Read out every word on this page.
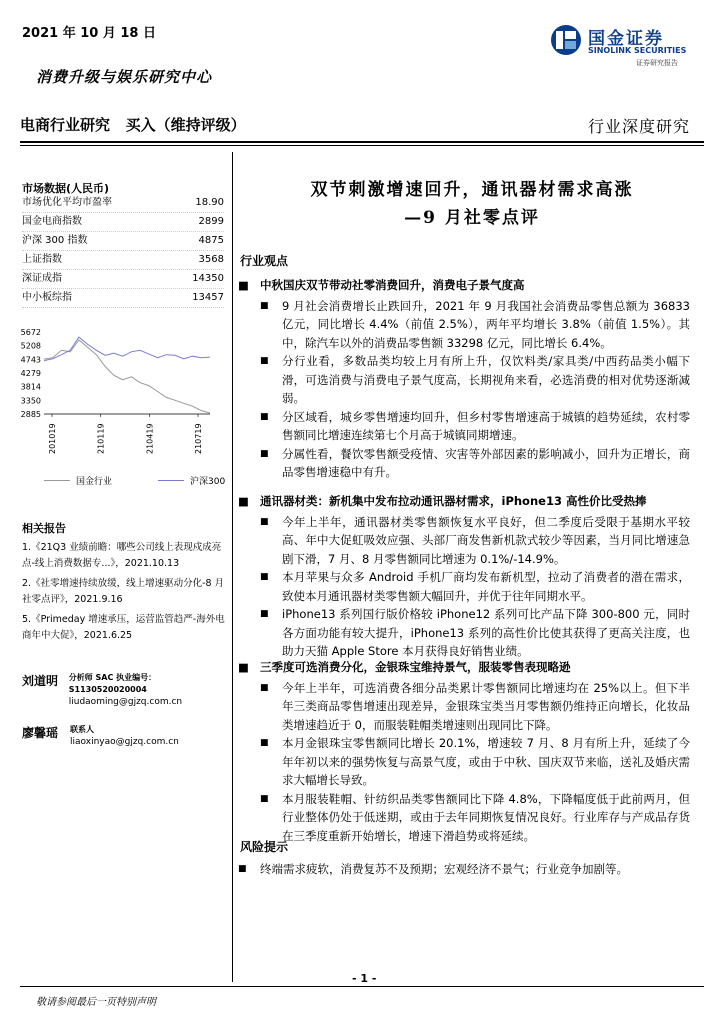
2021 年 10 月 18 日
消费升级与娱乐研究中心
国金证券
SINOLINK SECURITIES
证券研究报告
电商行业研究   买入（维持评级）	行业深度研究
市场数据(人民币)
市场优化平均市盈率	18.90
国金电商指数	2899
沪深 300 指数	4875
上证指数	3568
深证成指	14350
中小板综指	13457
2885
3350
3814
4279
4743
5208
5672
201019	210119	210419	210719
国金行业	沪深300
相关报告

1.《21Q3 业绩前瞻：哪些公司线上表现戍成亮点-线上消费数据专...》，2021.10.13

2.《社零增速持续放缓，线上增速驱动分化-8 月社零点评》，2021.9.16

5.《Primeday 增速承压，运营监管趋严-海外电商年中大促》，2021.6.25

刘道明	分析师 SAC 执业编号：S1130520020004
liudaoming@gjzq.com.cn
廖馨瑶	联系人
liaoxinyao@gjzq.com.cn
双节刺激增速回升，通讯器材需求高涨
—9 月社零点评
行业观点
■ 中秋国庆双节带动社零消费回升，消费电子景气度高
■	9 月社会消费增长止跌回升，2021 年 9 月我国社会消费品零售总额为 36833 亿元，同比增长 4.4%（前值 2.5%），两年平均增长 3.8%（前值 1.5%）。其中，除汽车以外的消费品零售额 33298 亿元，同比增长 6.4%。
■	分行业看，多数品类均较上月有所上升，仅饮料类/家具类/中西药品类小幅下滑，可选消费与消费电子景气度高，长期视角来看，必选消费的相对优势逐渐减弱。
■	分区域看，城乡零售增速均回升，但乡村零售增速高于城镇的趋势延续，农村零售额同比增速连续第七个月高于城镇同期增速。
■	分属性看，餐饮零售额受疫情、灾害等外部因素的影响减小，回升为正增长，商品零售增速稳中有升。
■ 通讯器材类：新机集中发布拉动通讯器材需求，iPhone13 高性价比受热捧
■	今年上半年，通讯器材类零售额恢复水平良好，但二季度后受限于基期水平较高、年中大促虹吸效应强、头部厂商发售新机款式较少等因素，当月同比增速急剧下滑，7 月、8 月零售额同比增速为 0.1%/-14.9%。
■	本月苹果与众多 Android 手机厂商均发布新机型，拉动了消费者的潜在需求，致使本月通讯器材类零售额大幅回升，并优于往年同期水平。
■	iPhone13 系列国行版价格较 iPhone12 系列可比产品下降 300-800 元，同时各方面功能有较大提升，iPhone13 系列的高性价比使其获得了更高关注度，也助力天猫 Apple Store 本月获得良好销售业绩。
■ 三季度可选消费分化，金银珠宝维持景气，服装零售表现略逊
■	今年上半年，可选消费各细分品类累计零售额同比增速均在 25%以上。但下半年三类商品零售增速出现差异，金银珠宝类当月零售额仍维持正向增长，化妆品类增速趋近于 0，而服装鞋帽类增速则出现同比下降。
■	本月金银珠宝零售额同比增长 20.1%，增速较 7 月、8 月有所上升，延续了今年年初以来的强势恢复与高景气度，或由于中秋、国庆双节来临，送礼及婚庆需求大幅增长导致。
■	本月服装鞋帽、针纺织品类零售额同比下降 4.8%，下降幅度低于此前两月，但行业整体仍处于低迷期，或由于去年同期恢复情况良好。行业库存与产成品存货在三季度重新开始增长，增速下滑趋势或将延续。
风险提示
■	终端需求疲软，消费复苏不及预期；宏观经济不景气；行业竞争加剧等。
- 1 -
敬请参阅最后一页特别声明
